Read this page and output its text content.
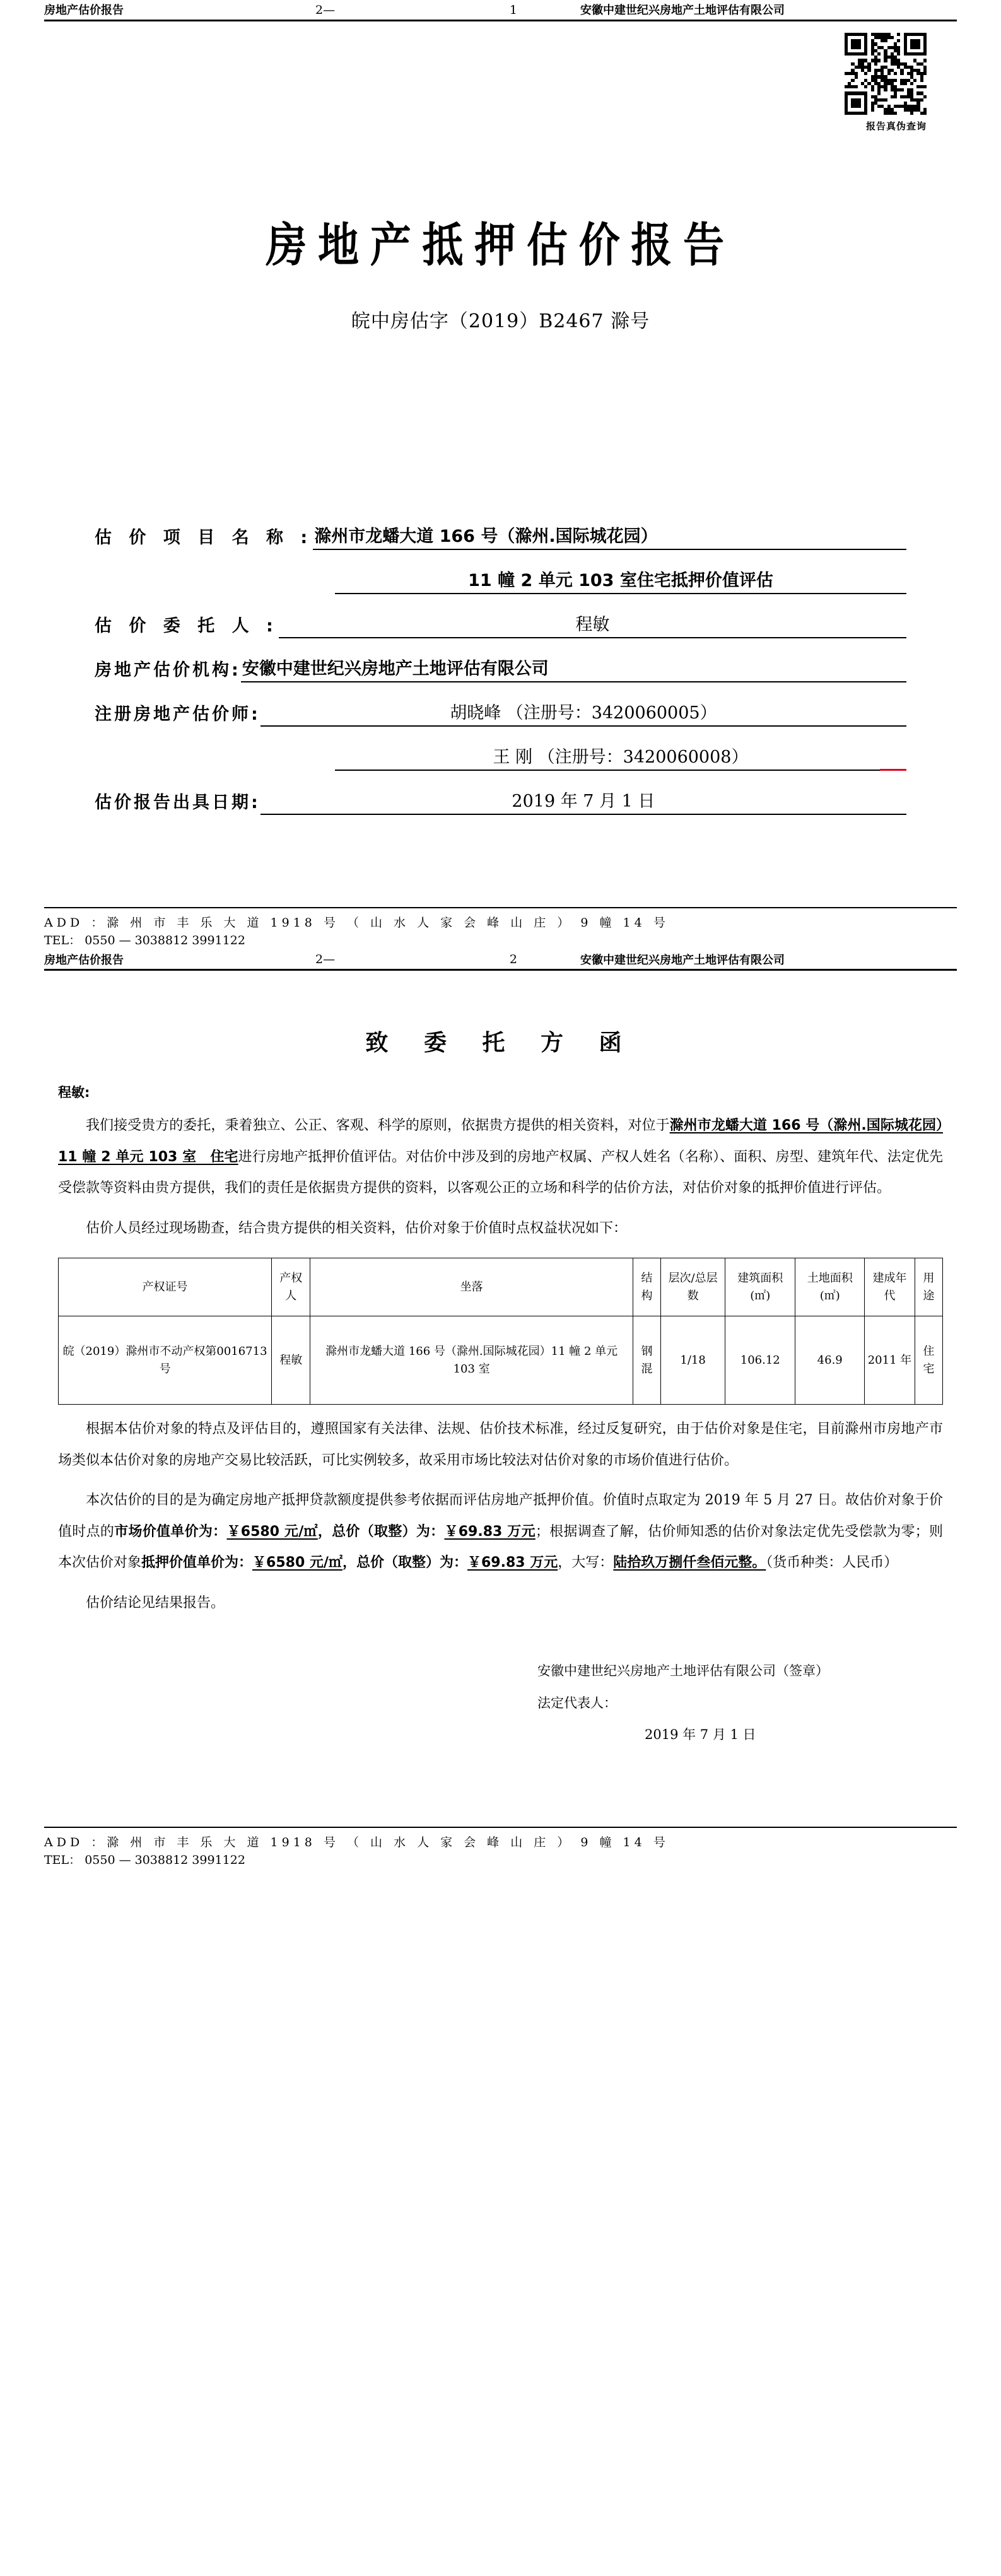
房地产估价报告	2—	1	安徽中建世纪兴房地产土地评估有限公司
报告真伪查询
房地产抵押估价报告
皖中房估字（2019）B2467 滁号
估 价 项 目 名 称 : 滁州市龙蟠大道 166 号（滁州.国际城花园）
11 幢 2 单元 103 室住宅抵押价值评估
估 价 委 托 人 :	程敏
房地产估价机构: 安徽中建世纪兴房地产土地评估有限公司
注册房地产估价师:	胡晓峰 （注册号：3420060005）
王 刚 （注册号：3420060008）
估价报告出具日期:	2019 年 7 月 1 日
ADD ：滁 州 市 丰 乐 大 道 1918 号 （ 山 水 人 家 会 峰 山 庄 ） 9 幢 14 号
TEL： 0550 — 3038812 3991122
房地产估价报告	2—	2	安徽中建世纪兴房地产土地评估有限公司
致 委 托 方 函
程敏:

我们接受贵方的委托，秉着独立、公正、客观、科学的原则，依据贵方提供的相关资料，对位于滁州市龙蟠大道 166 号（滁州.国际城花园）11 幢 2 单元 103 室　住宅进行房地产抵押价值评估。对估价中涉及到的房地产权属、产权人姓名（名称）、面积、房型、建筑年代、法定优先受偿款等资料由贵方提供，我们的责任是依据贵方提供的资料，以客观公正的立场和科学的估价方法，对估价对象的抵押价值进行评估。

估价人员经过现场勘查，结合贵方提供的相关资料，估价对象于价值时点权益状况如下：

产权证号	产权人	坐落	结构	层次/总层数	建筑面积(㎡)	土地面积(㎡)	建成年代	用途
皖（2019）滁州市不动产权第0016713号	程敏	滁州市龙蟠大道 166 号（滁州.国际城花园）11 幢 2 单元 103 室	钢混	1/18	106.12	46.9	2011 年	住宅

根据本估价对象的特点及评估目的，遵照国家有关法律、法规、估价技术标准，经过反复研究，由于估价对象是住宅，目前滁州市房地产市场类似本估价对象的房地产交易比较活跃，可比实例较多，故采用市场比较法对估价对象的市场价值进行估价。

本次估价的目的是为确定房地产抵押贷款额度提供参考依据而评估房地产抵押价值。价值时点取定为 2019 年 5 月 27 日。故估价对象于价值时点的市场价值单价为：￥6580 元/㎡，总价（取整）为：￥69.83 万元；根据调查了解，估价师知悉的估价对象法定优先受偿款为零；则本次估价对象抵押价值单价为：￥6580 元/㎡，总价（取整）为：￥69.83 万元，大写：陆拾玖万捌仟叁佰元整。（货币种类：人民币）

估价结论见结果报告。

安徽中建世纪兴房地产土地评估有限公司（签章）
法定代表人：
2019 年 7 月 1 日
ADD ：滁 州 市 丰 乐 大 道 1918 号 （ 山 水 人 家 会 峰 山 庄 ） 9 幢 14 号
TEL： 0550 — 3038812 3991122
